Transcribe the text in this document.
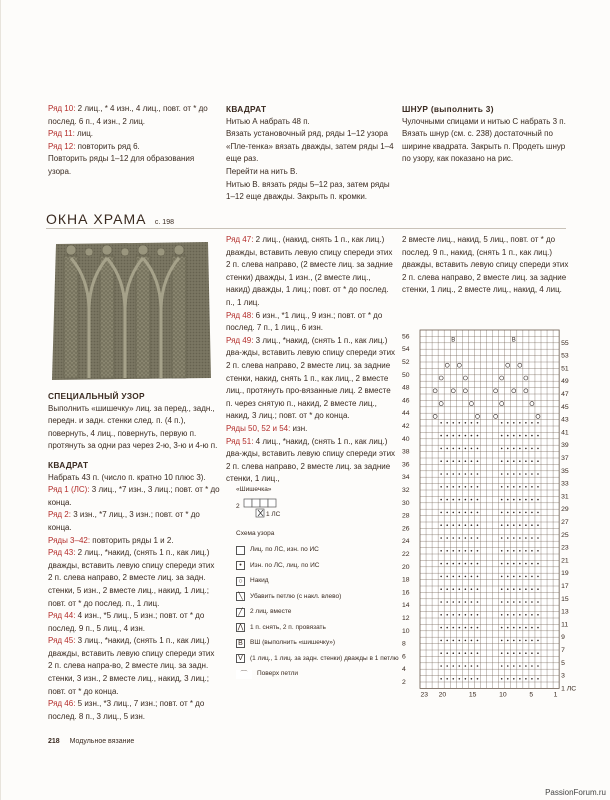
Ряд 10: 2 лиц., * 4 изн., 4 лиц., повт. от * до послед. 6 п., 4 изн., 2 лиц.

Ряд 11: лиц.

Ряд 12: повторить ряд 6.

Повторить ряды 1–12 для образования узора.

КВАДРАТ

Нитью А набрать 48 п.
Вязать установочный ряд, ряды 1–12 узора «Пле-тенка» вязать дважды, затем ряды 1–4 еще раз.
Перейти на нить В.
Нитью В. вязать ряды 5–12 раз, затем ряды 1–12 еще дважды. Закрыть п. кромки.

ШНУР (выполнить 3)

Чулочными спицами и нитью С набрать 3 п. Вязать шнур (см. с. 238) достаточный по ширине квадрата. Закрыть п. Продеть шнур по узору, как показано на рис.

ОКНА ХРАМА с. 198

СПЕЦИАЛЬНЫЙ УЗОР

Выполнить «шишечку» лиц. за перед., задн., передн. и задн. стенки след. п. (4 п.), повернуть, 4 лиц., повернуть, первую п. протянуть за одни раз через 2-ю, 3-ю и 4-ю п.

КВАДРАТ

Набрать 43 п. (число п. кратно 10 плюс 3).

Ряд 1 (ЛС): 3 лиц., *7 изн., 3 лиц.; повт. от * до конца.

Ряд 2: 3 изн., *7 лиц., 3 изн.; повт. от * до конца.

Ряды 3–42: повторить ряды 1 и 2.

Ряд 43: 2 лиц., *накид, (снять 1 п., как лиц.) дважды, вставить левую спицу спереди этих 2 п. слева направо, 2 вместе лиц. за задн. стенки, 5 изн., 2 вместе лиц., накид, 1 лиц.; повт. от * до послед. п., 1 лиц.

Ряд 44: 4 изн., *5 лиц., 5 изн.; повт. от * до послед. 9 п., 5 лиц., 4 изн.

Ряд 45: 3 лиц., *накид, (снять 1 п., как лиц.) дважды, вставить левую спицу спереди этих 2 п. слева напра-во, 2 вместе лиц. за задн. стенки, 3 изн., 2 вместе лиц., накид, 3 лиц.; повт. от * до конца.

Ряд 46: 5 изн., *3 лиц., 7 изн.; повт. от * до послед. 8 п., 3 лиц., 5 изн.

Ряд 47: 2 лиц., (накид, снять 1 п., как лиц.) дважды, вставить левую спицу спереди этих 2 п. слева направо, (2 вместе лиц. за задние стенки) дважды, 1 изн., (2 вместе лиц., накид) дважды, 1 лиц.; повт. от * до послед. п., 1 лиц.

Ряд 48: 6 изн., *1 лиц., 9 изн.; повт. от * до послед. 7 п., 1 лиц., 6 изн.

Ряд 49: 3 лиц., *накид, (снять 1 п., как лиц.) два-жды, вставить левую спицу спереди этих 2 п. слева направо, 2 вместе лиц. за задние стенки, накид, снять 1 п., как лиц., 2 вместе лиц., протянуть про-вязанные лиц. 2 вместе п. через снятую п., накид, 2 вместе лиц., накид, 3 лиц.; повт. от * до конца.

Ряды 50, 52 и 54: изн.

Ряд 51: 4 лиц., *накид, (снять 1 п., как лиц.) два-жды, вставить левую спицу спереди этих 2 п. слева направо, 2 вместе лиц. за задние стенки, 1 лиц.,

2 вместе лиц., накид, 5 лиц., повт. от * до послед. 9 п., накид, (снять 1 п., как лиц.) дважды, вставить левую спицу спереди этих 2 п. слева направо, 2 вместе лиц. за задние стенки, 1 лиц., 2 вместе лиц., накид, 4 лиц.

«Шишечка»
2
1 ЛС
Схема узора
Лиц. по ЛС, изн. по ИС
•	Изн. по ЛС, лиц. по ИС
○	Накид
╲	Убавить петлю (с накл. влево)
╱	2 лиц. вместе
⋀ 1 п. снять, 2 п. провязать
B	ВШ (выполнить «шишечку»)
V	(1 лиц., 1 лиц. за задн. стенки) дважды в 1 петлю
⌒	Поверх петли
B	B
56
54
52
50
48
46
44
42
40
38
36
34
32
30
28
26
24
22
20
18
16
14
12
10
8
6
4
2
55
53
51
49
47
45
43
41
39
37
35
33
31
29
27
25
23
21
19
17
15
13
11
9
7
5
3
1 ЛС
23 20	15	10	5	1
218 Модульное вязание
PassionForum.ru
